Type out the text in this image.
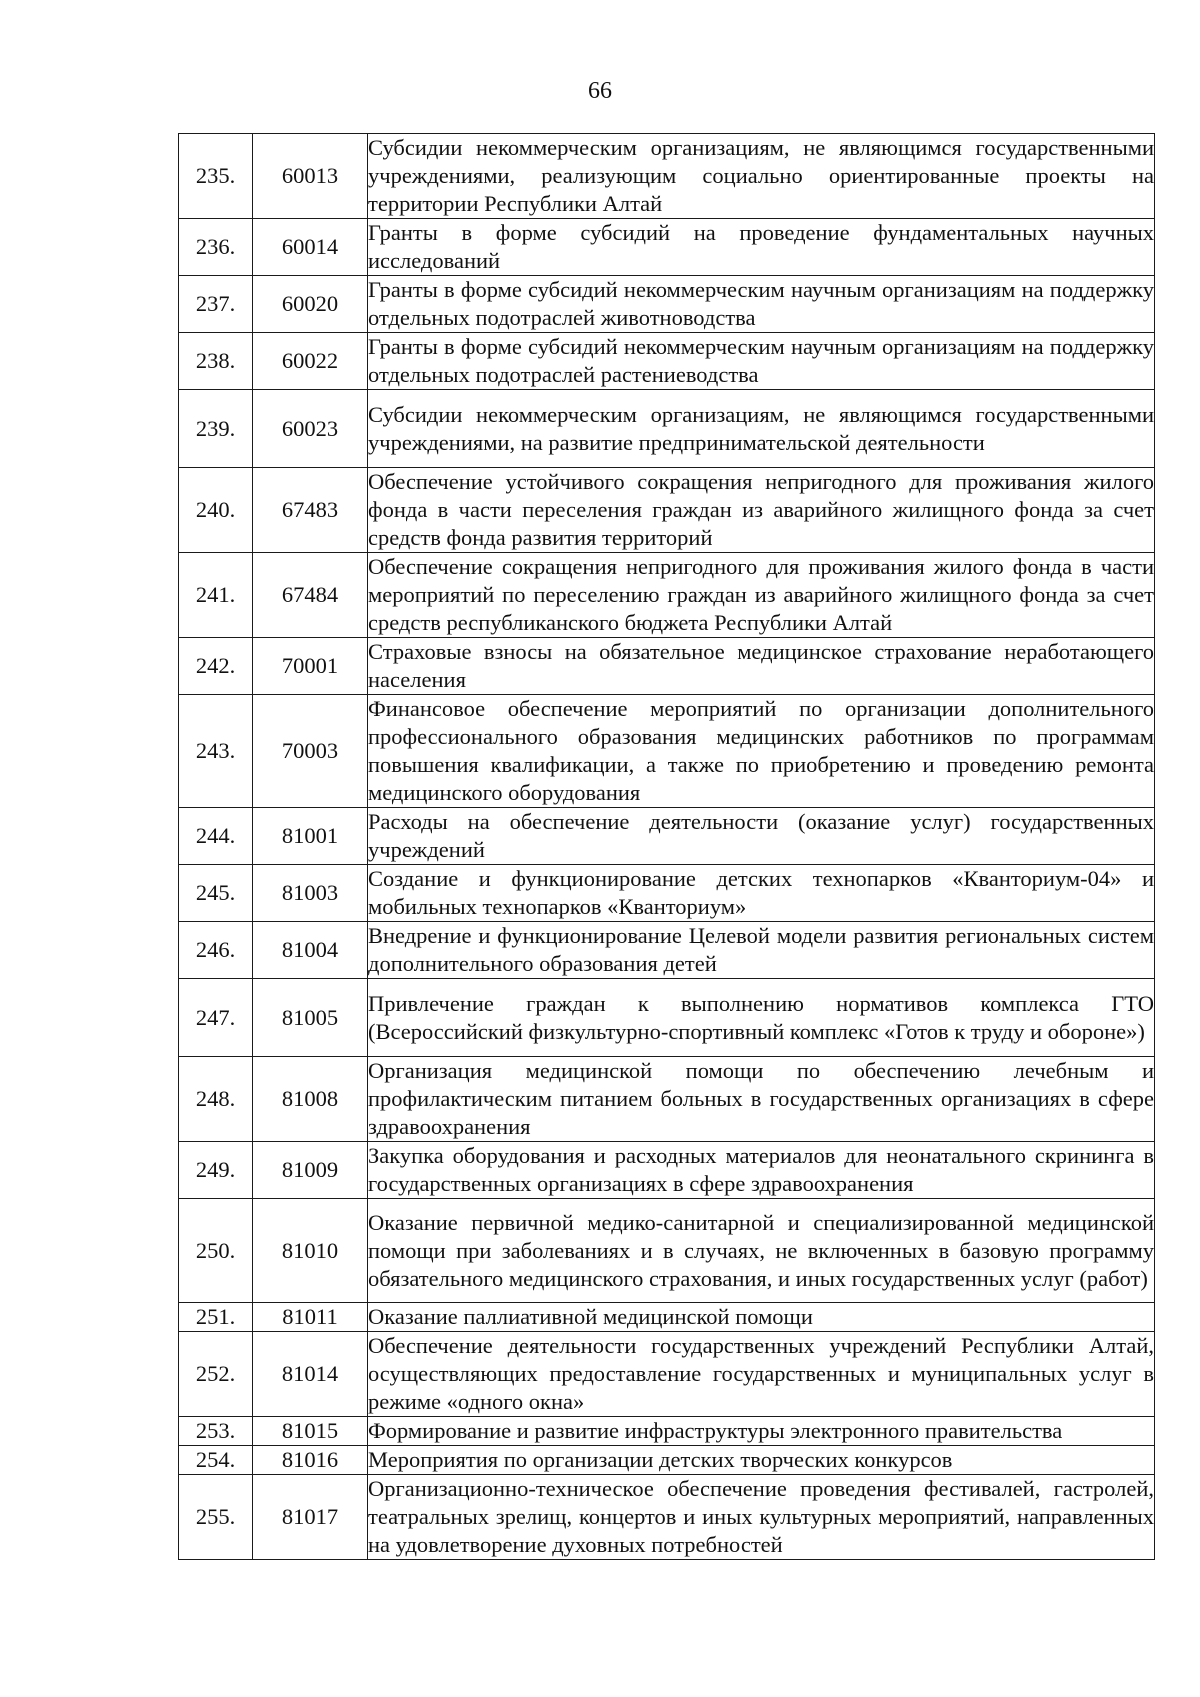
66
235.	60013	Субсидии некоммерческим организациям, не являющимся государственными учреждениями, реализующим социально ориентированные проекты на территории Республики Алтай
236.	60014	Гранты в форме субсидий на проведение фундаментальных научных исследований
237.	60020	Гранты в форме субсидий некоммерческим научным организациям на поддержку отдельных подотраслей животноводства
238.	60022	Гранты в форме субсидий некоммерческим научным организациям на поддержку отдельных подотраслей растениеводства
239.	60023	Субсидии некоммерческим организациям, не являющимся государственными учреждениями, на развитие предпринимательской деятельности
240.	67483	Обеспечение устойчивого сокращения непригодного для проживания жилого фонда в части переселения граждан из аварийного жилищного фонда за счет средств фонда развития территорий
241.	67484	Обеспечение сокращения непригодного для проживания жилого фонда в части мероприятий по переселению граждан из аварийного жилищного фонда за счет средств республиканского бюджета Республики Алтай
242.	70001	Страховые взносы на обязательное медицинское страхование неработающего населения
243.	70003	Финансовое обеспечение мероприятий по организации дополнительного профессионального образования медицинских работников по программам повышения квалификации, а также по приобретению и проведению ремонта медицинского оборудования
244.	81001	Расходы на обеспечение деятельности (оказание услуг) государственных учреждений
245.	81003	Создание и функционирование детских технопарков «Кванториум-04» и мобильных технопарков «Кванториум»
246.	81004	Внедрение и функционирование Целевой модели развития региональных систем дополнительного образования детей
247.	81005	Привлечение граждан к выполнению нормативов комплекса ГТО (Всероссийский физкультурно-спортивный комплекс «Готов к труду и обороне»)
248.	81008	Организация медицинской помощи по обеспечению лечебным и профилактическим питанием больных в государственных организациях в сфере здравоохранения
249.	81009	Закупка оборудования и расходных материалов для неонатального скрининга в государственных организациях в сфере здравоохранения
250.	81010	Оказание первичной медико-санитарной и специализированной медицинской помощи при заболеваниях и в случаях, не включенных в базовую программу обязательного медицинского страхования, и иных государственных услуг (работ)
251.	81011	Оказание паллиативной медицинской помощи
252.	81014	Обеспечение деятельности государственных учреждений Республики Алтай, осуществляющих предоставление государственных и муниципальных услуг в режиме «одного окна»
253.	81015	Формирование и развитие инфраструктуры электронного правительства
254.	81016	Мероприятия по организации детских творческих конкурсов
255.	81017	Организационно-техническое обеспечение проведения фестивалей, гастролей, театральных зрелищ, концертов и иных культурных мероприятий, направленных на удовлетворение духовных потребностей
